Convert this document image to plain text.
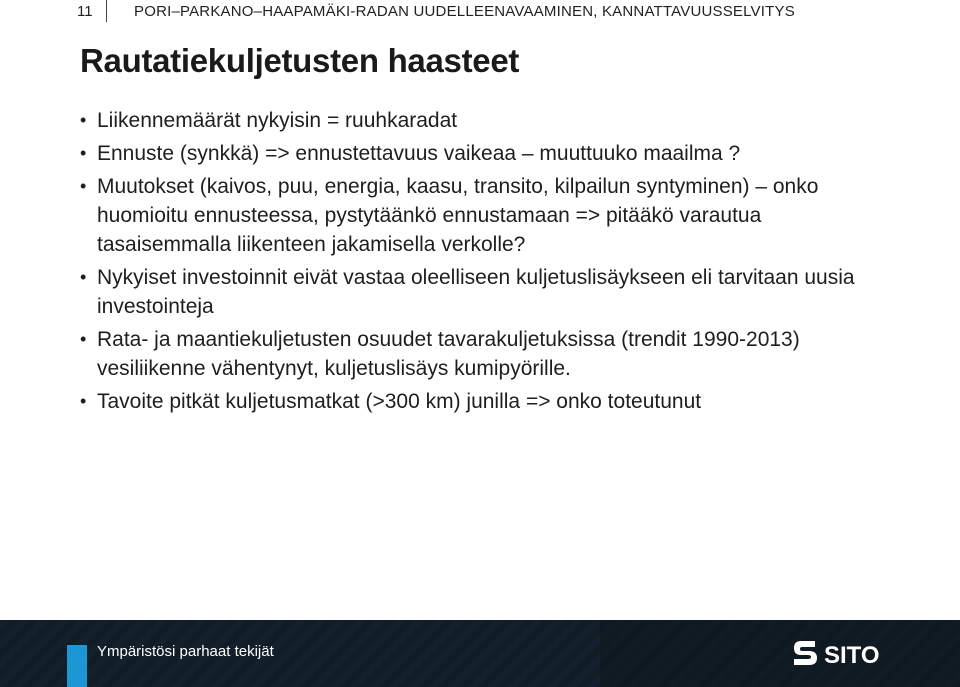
11	PORI–PARKANO–HAAPAMÄKI-RADAN UUDELLEENAVAAMINEN, KANNATTAVUUSSELVITYS
Rautatiekuljetusten haasteet
• Liikennemäärät nykyisin = ruuhkaradat
• Ennuste (synkkä) => ennustettavuus vaikeaa – muuttuuko maailma ?
• Muutokset (kaivos, puu, energia, kaasu, transito, kilpailun syntyminen) – onko huomioitu ennusteessa, pystytäänkö ennustamaan => pitääkö varautua tasaisemmalla liikenteen jakamisella verkolle?
• Nykyiset investoinnit eivät vastaa oleelliseen kuljetuslisäykseen eli tarvitaan uusia investointeja
• Rata- ja maantiekuljetusten osuudet tavarakuljetuksissa (trendit 1990-2013) vesiliikenne vähentynyt, kuljetuslisäys kumipyörille.
• Tavoite pitkät kuljetusmatkat (>300 km) junilla => onko toteutunut
Ympäristösi parhaat tekijät	SITO
